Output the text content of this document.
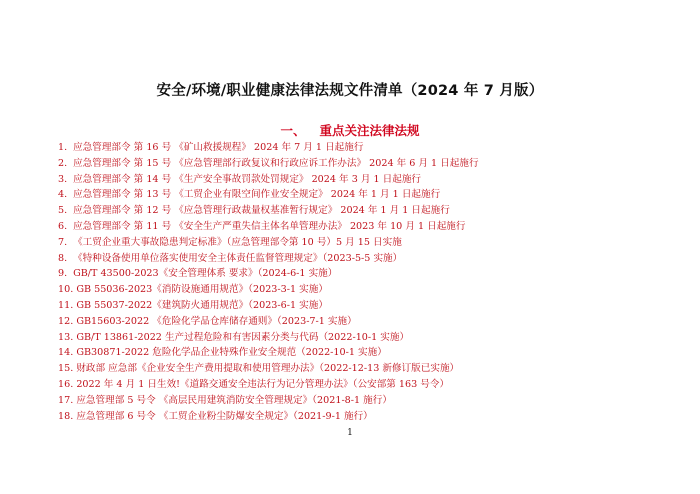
安全/环境/职业健康法律法规文件清单（2024 年 7 月版）
一、 重点关注法律法规
1. 应急管理部令 第 16 号 《矿山救援规程》 2024 年 7 月 1 日起施行
2. 应急管理部令 第 15 号 《应急管理部行政复议和行政应诉工作办法》 2024 年 6 月 1 日起施行
3. 应急管理部令 第 14 号 《生产安全事故罚款处罚规定》 2024 年 3 月 1 日起施行
4. 应急管理部令 第 13 号 《工贸企业有限空间作业安全规定》 2024 年 1 月 1 日起施行
5. 应急管理部令 第 12 号 《应急管理行政裁量权基准暂行规定》 2024 年 1 月 1 日起施行
6. 应急管理部令 第 11 号 《安全生产严重失信主体名单管理办法》 2023 年 10 月 1 日起施行
7. 《工贸企业重大事故隐患判定标准》（应急管理部令第 10 号）5 月 15 日实施
8. 《特种设备使用单位落实使用安全主体责任监督管理规定》（2023-5-5 实施）
9. GB/T 43500-2023《安全管理体系 要求》（2024-6-1 实施）
10. GB 55036-2023《消防设施通用规范》（2023-3-1 实施）
11. GB 55037-2022《建筑防火通用规范》（2023-6-1 实施）
12. GB15603-2022 《危险化学品仓库储存通则》（2023-7-1 实施）
13. GB/T 13861-2022 生产过程危险和有害因素分类与代码（2022-10-1 实施）
14. GB30871-2022 危险化学品企业特殊作业安全规范（2022-10-1 实施）
15. 财政部 应急部《企业安全生产费用提取和使用管理办法》（2022-12-13 新修订版已实施）
16. 2022 年 4 月 1 日生效!《道路交通安全违法行为记分管理办法》（公安部第 163 号令）
17. 应急管理部 5 号令 《高层民用建筑消防安全管理规定》（2021-8-1 施行）
18. 应急管理部 6 号令 《工贸企业粉尘防爆安全规定》（2021-9-1 施行）
1
